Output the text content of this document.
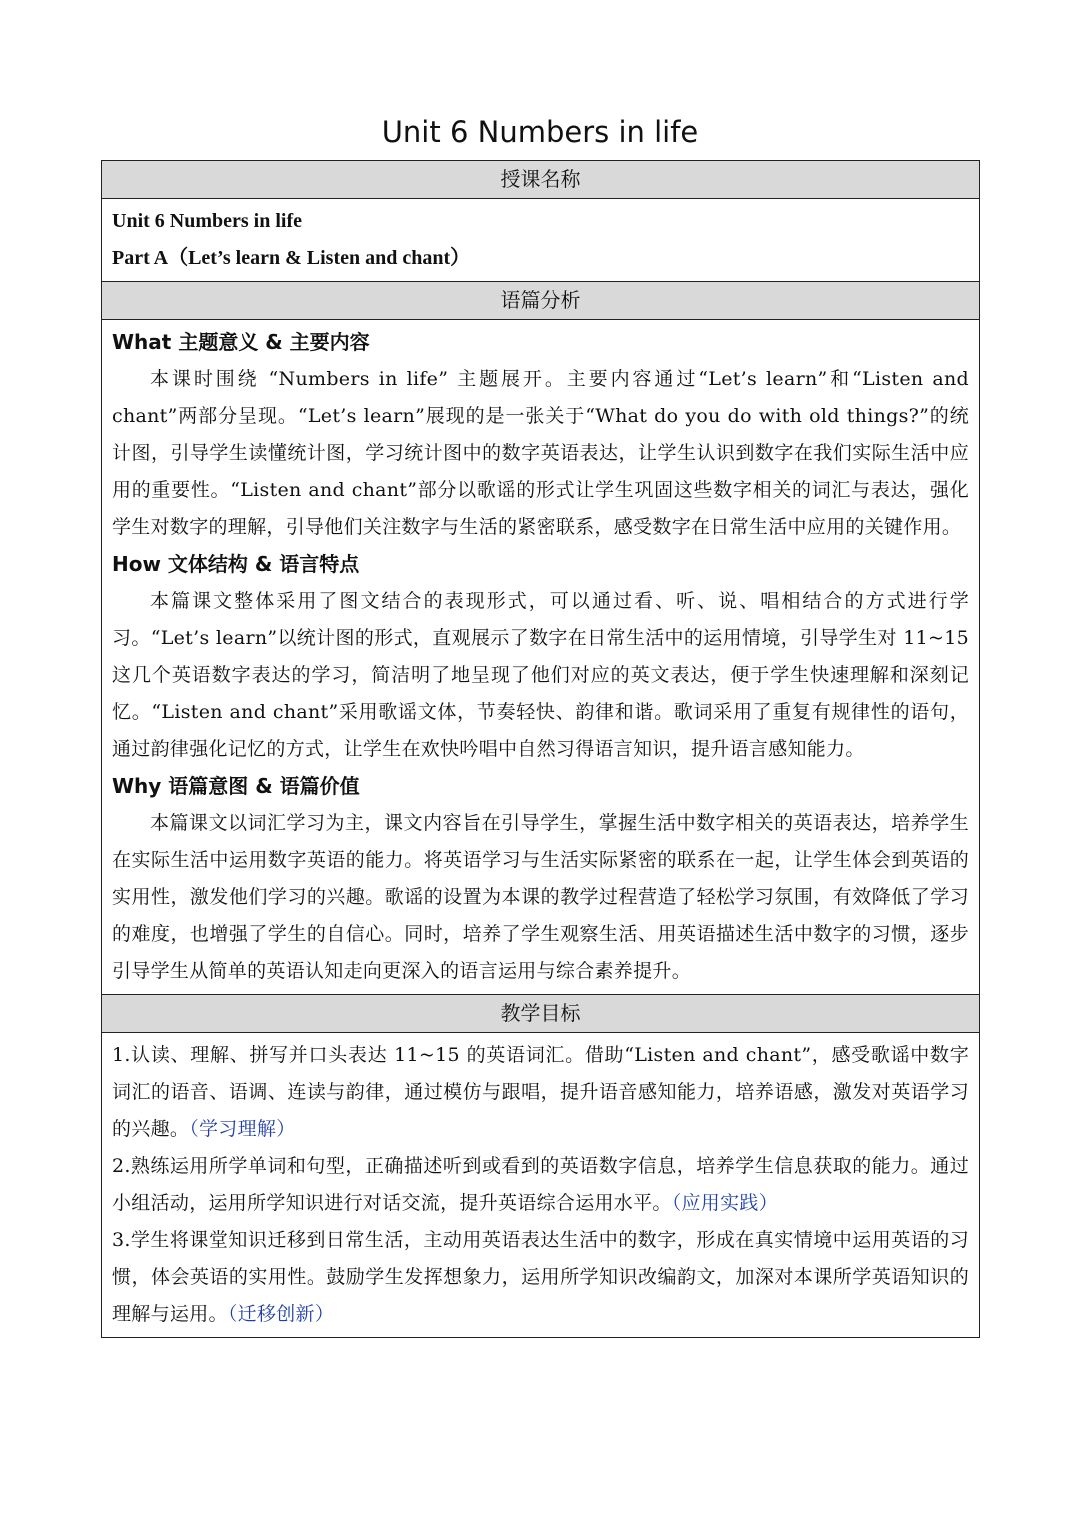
Unit 6 Numbers in life
授课名称
Unit 6 Numbers in life
Part A（Let’s learn & Listen and chant）
语篇分析
What 主题意义 & 主要内容
本课时围绕 “Numbers in life” 主题展开。主要内容通过“Let’s learn”和“Listen and chant”两部分呈现。“Let’s learn”展现的是一张关于“What do you do with old things?”的统计图，引导学生读懂统计图，学习统计图中的数字英语表达，让学生认识到数字在我们实际生活中应用的重要性。“Listen and chant”部分以歌谣的形式让学生巩固这些数字相关的词汇与表达，强化学生对数字的理解，引导他们关注数字与生活的紧密联系，感受数字在日常生活中应用的关键作用。
How 文体结构 & 语言特点
本篇课文整体采用了图文结合的表现形式，可以通过看、听、说、唱相结合的方式进行学习。“Let’s learn”以统计图的形式，直观展示了数字在日常生活中的运用情境，引导学生对 11~15 这几个英语数字表达的学习，简洁明了地呈现了他们对应的英文表达，便于学生快速理解和深刻记忆。“Listen and chant”采用歌谣文体，节奏轻快、韵律和谐。歌词采用了重复有规律性的语句，通过韵律强化记忆的方式，让学生在欢快吟唱中自然习得语言知识，提升语言感知能力。
Why 语篇意图 & 语篇价值
本篇课文以词汇学习为主，课文内容旨在引导学生，掌握生活中数字相关的英语表达，培养学生在实际生活中运用数字英语的能力。将英语学习与生活实际紧密的联系在一起，让学生体会到英语的实用性，激发他们学习的兴趣。歌谣的设置为本课的教学过程营造了轻松学习氛围，有效降低了学习的难度，也增强了学生的自信心。同时，培养了学生观察生活、用英语描述生活中数字的习惯，逐步引导学生从简单的英语认知走向更深入的语言运用与综合素养提升。
教学目标
1.认读、理解、拼写并口头表达 11~15 的英语词汇。借助“Listen and chant”，感受歌谣中数字词汇的语音、语调、连读与韵律，通过模仿与跟唱，提升语音感知能力，培养语感，激发对英语学习的兴趣。（学习理解）
2.熟练运用所学单词和句型，正确描述听到或看到的英语数字信息，培养学生信息获取的能力。通过小组活动，运用所学知识进行对话交流，提升英语综合运用水平。（应用实践）
3.学生将课堂知识迁移到日常生活，主动用英语表达生活中的数字，形成在真实情境中运用英语的习惯，体会英语的实用性。鼓励学生发挥想象力，运用所学知识改编韵文，加深对本课所学英语知识的理解与运用。（迁移创新）
